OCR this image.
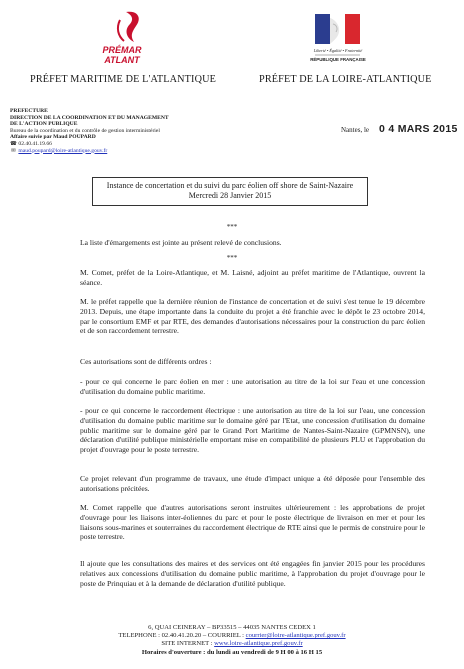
PRÉMAR
ATLANT
Liberté • Égalité • Fraternité
RÉPUBLIQUE FRANÇAISE
PRÉFET MARITIME DE L'ATLANTIQUE	PRÉFET DE LA LOIRE-ATLANTIQUE
PREFECTURE
DIRECTION DE LA COORDINATION ET DU MANAGEMENT
DE L'ACTION PUBLIQUE
Bureau de la coordination et du contrôle de gestion interministériel
Affaire suivie par Maud POUPARD
☎ 02.40.41.19.66
✉ maud.poupard@loire-atlantique.gouv.fr
Nantes, le 0 4 MARS 2015
Instance de concertation et du suivi du parc éolien off shore de Saint-Nazaire
Mercredi 28 Janvier 2015
***
La liste d'émargements est jointe au présent relevé de conclusions.
***
M. Comet, préfet de la Loire-Atlantique, et M. Laisné, adjoint au préfet maritime de l'Atlantique, ouvrent la séance.
M. le préfet rappelle que la dernière réunion de l'instance de concertation et de suivi s'est tenue le 19 décembre 2013. Depuis, une étape importante dans la conduite du projet a été franchie avec le dépôt le 23 octobre 2014, par le consortium EMF et par RTE, des demandes d'autorisations nécessaires pour la construction du parc éolien et de son raccordement terrestre.
Ces autorisations sont de différents ordres :
- pour ce qui concerne le parc éolien en mer : une autorisation au titre de la loi sur l'eau et une concession d'utilisation du domaine public maritime.
- pour ce qui concerne le raccordement électrique : une autorisation au titre de la loi sur l'eau, une concession d'utilisation du domaine public maritime sur le domaine géré par l'Etat, une concession d'utilisation du domaine public maritime sur le domaine géré par le Grand Port Maritime de Nantes-Saint-Nazaire (GPMNSN), une déclaration d'utilité publique ministérielle emportant mise en compatibilité de plusieurs PLU et l'approbation du projet d'ouvrage pour le poste terrestre.
Ce projet relevant d'un programme de travaux, une étude d'impact unique a été déposée pour l'ensemble des autorisations précitées.
M. Comet rappelle que d'autres autorisations seront instruites ultérieurement : les approbations de projet d'ouvrage pour les liaisons inter-éoliennes du parc et pour le poste électrique de livraison en mer et pour les liaisons sous-marines et souterraines du raccordement électrique de RTE ainsi que le permis de construire pour le poste terrestre.
Il ajoute que les consultations des maires et des services ont été engagées fin janvier 2015 pour les procédures relatives aux concessions d'utilisation du domaine public maritime, à l'approbation du projet d'ouvrage pour le poste de Prinquiau et à la demande de déclaration d'utilité publique.
6, QUAI CEINERAY – BP33515 – 44035 NANTES CEDEX 1
TELEPHONE : 02.40.41.20.20 – COURRIEL : courrier@loire-atlantique.pref.gouv.fr
SITE INTERNET : www.loire-atlantique.pref.gouv.fr
Horaires d'ouverture : du lundi au vendredi de 9 H 00 à 16 H 15
